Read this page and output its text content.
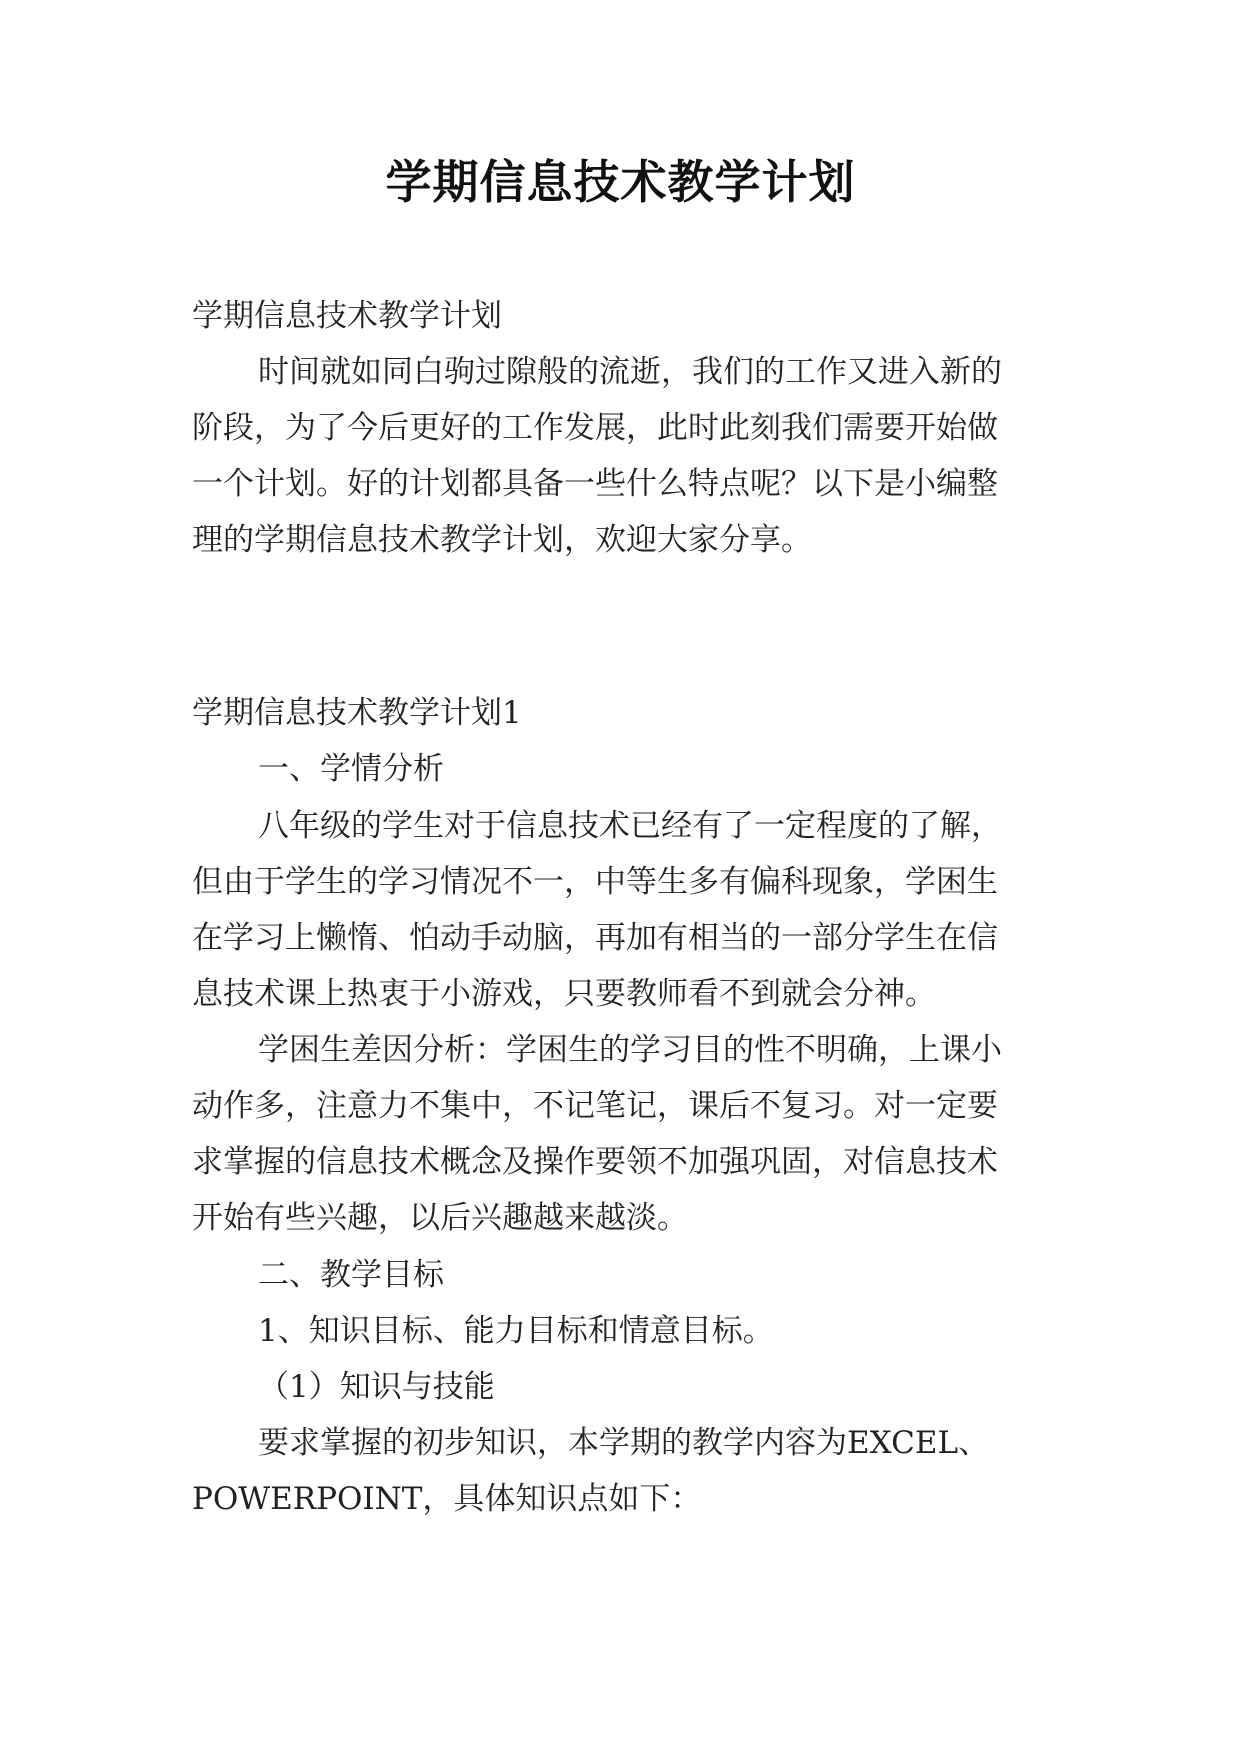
学期信息技术教学计划
学期信息技术教学计划
时间就如同白驹过隙般的流逝，我们的工作又进入新的
阶段，为了今后更好的工作发展，此时此刻我们需要开始做
一个计划。好的计划都具备一些什么特点呢？以下是小编整
理的学期信息技术教学计划，欢迎大家分享。
学期信息技术教学计划1
一、学情分析
八年级的学生对于信息技术已经有了一定程度的了解，
但由于学生的学习情况不一，中等生多有偏科现象，学困生
在学习上懒惰、怕动手动脑，再加有相当的一部分学生在信
息技术课上热衷于小游戏，只要教师看不到就会分神。
学困生差因分析：学困生的学习目的性不明确，上课小
动作多，注意力不集中，不记笔记，课后不复习。对一定要
求掌握的信息技术概念及操作要领不加强巩固，对信息技术
开始有些兴趣，以后兴趣越来越淡。
二、教学目标
1、知识目标、能力目标和情意目标。
（1）知识与技能
要求掌握的初步知识，本学期的教学内容为EXCEL、
POWERPOINT，具体知识点如下：
